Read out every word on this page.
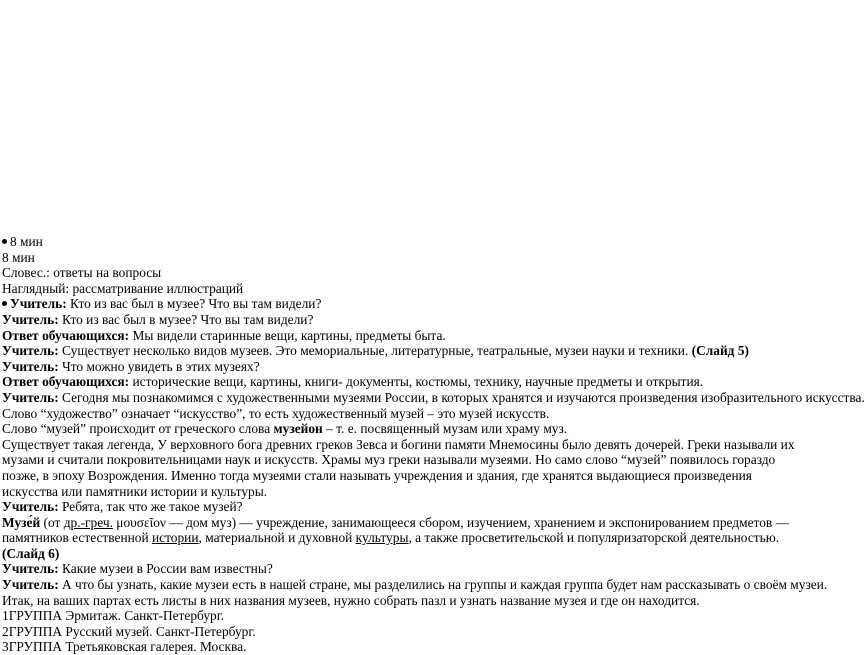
8 мин
8 мин
Словес.: ответы на вопросы
Наглядный: рассматривание иллюстраций
Учитель: Кто из вас был в музее? Что вы там видели?
Учитель: Кто из вас был в музее? Что вы там видели?
Ответ обучающихся: Мы видели старинные вещи, картины, предметы быта.
Учитель: Существует несколько видов музеев. Это мемориальные, литературные, театральные, музеи науки и техники. (Слайд 5)
Учитель: Что можно увидеть в этих музеях?
Ответ обучающихся: исторические вещи, картины, книги- документы, костюмы, технику, научные предметы и открытия.
Учитель: Сегодня мы познакомимся с художественными музеями России, в которых хранятся и изучаются произведения изобразительного искусства.
Слово “художество” означает “искусство”, то есть художественный музей – это музей искусств.
Слово “музей” происходит от греческого слова музейон – т. е. посвященный музам или храму муз.
Существует такая легенда, У верховного бога древних греков Зевса и богини памяти Мнемосины было девять дочерей. Греки называли их музами и считали покровительницами наук и искусств. Храмы муз греки называли музеями. Но само слово “музей” появилось гораздо позже, в эпоху Возрождения. Именно тогда музеями стали называть учреждения и здания, где хранятся выдающиеся произведения искусства или памятники истории и культуры.
Учитель: Ребята, так что же такое музей?
Музе́й (от др.-греч. μουσεῖον — дом муз) — учреждение, занимающееся сбором, изучением, хранением и экспонированием предметов — памятников естественной истории, материальной и духовной культуры, а также просветительской и популяризаторской деятельностью. (Слайд 6)
Учитель: Какие музеи в России вам известны?
Учитель: А что бы узнать, какие музеи есть в нашей стране, мы разделились на группы и каждая группа будет нам рассказывать о своём музеи.
Итак, на ваших партах есть листы в них названия музеев, нужно собрать пазл и узнать название музея и где он находится.
1ГРУППА Эрмитаж. Санкт-Петербург.
2ГРУППА Русский музей. Санкт-Петербург.
3ГРУППА Третьяковская галерея. Москва.
